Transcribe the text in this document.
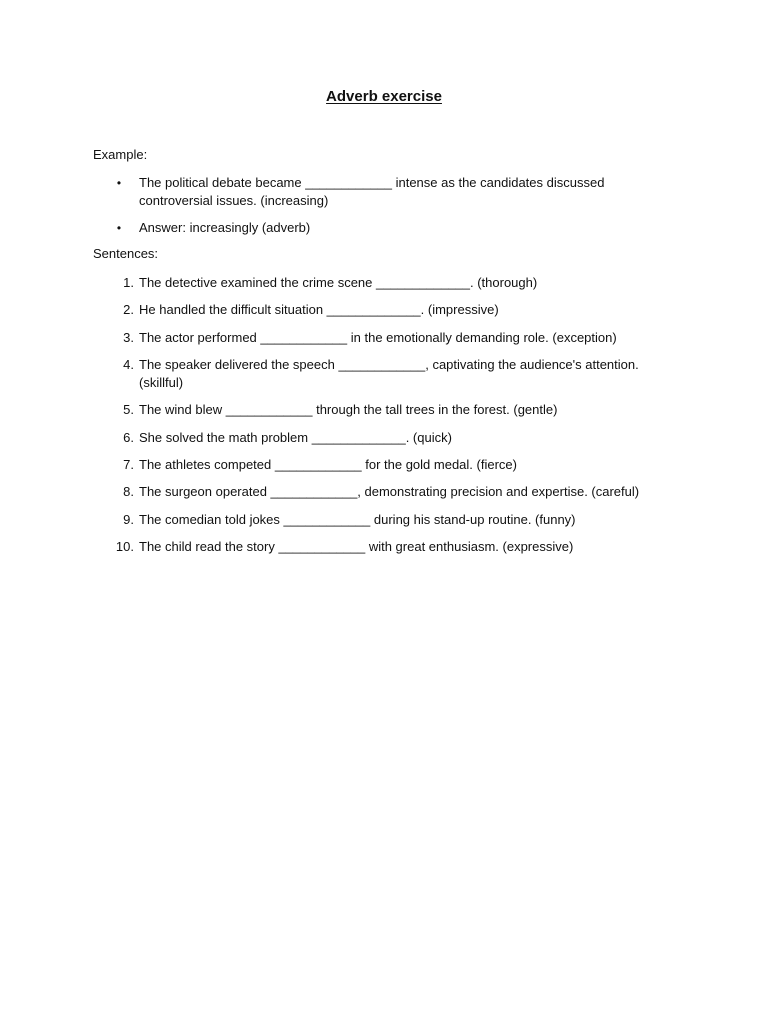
Adverb exercise
Example:
• The political debate became ____________ intense as the candidates discussed controversial issues. (increasing)
• Answer: increasingly (adverb)
Sentences:
1. The detective examined the crime scene _____________. (thorough)
2. He handled the difficult situation _____________. (impressive)
3. The actor performed ____________ in the emotionally demanding role. (exception)
4. The speaker delivered the speech ____________, captivating the audience's attention. (skillful)
5. The wind blew ____________ through the tall trees in the forest. (gentle)
6. She solved the math problem _____________. (quick)
7. The athletes competed ____________ for the gold medal. (fierce)
8. The surgeon operated ____________, demonstrating precision and expertise. (careful)
9. The comedian told jokes ____________ during his stand-up routine. (funny)
10. The child read the story ____________ with great enthusiasm. (expressive)
